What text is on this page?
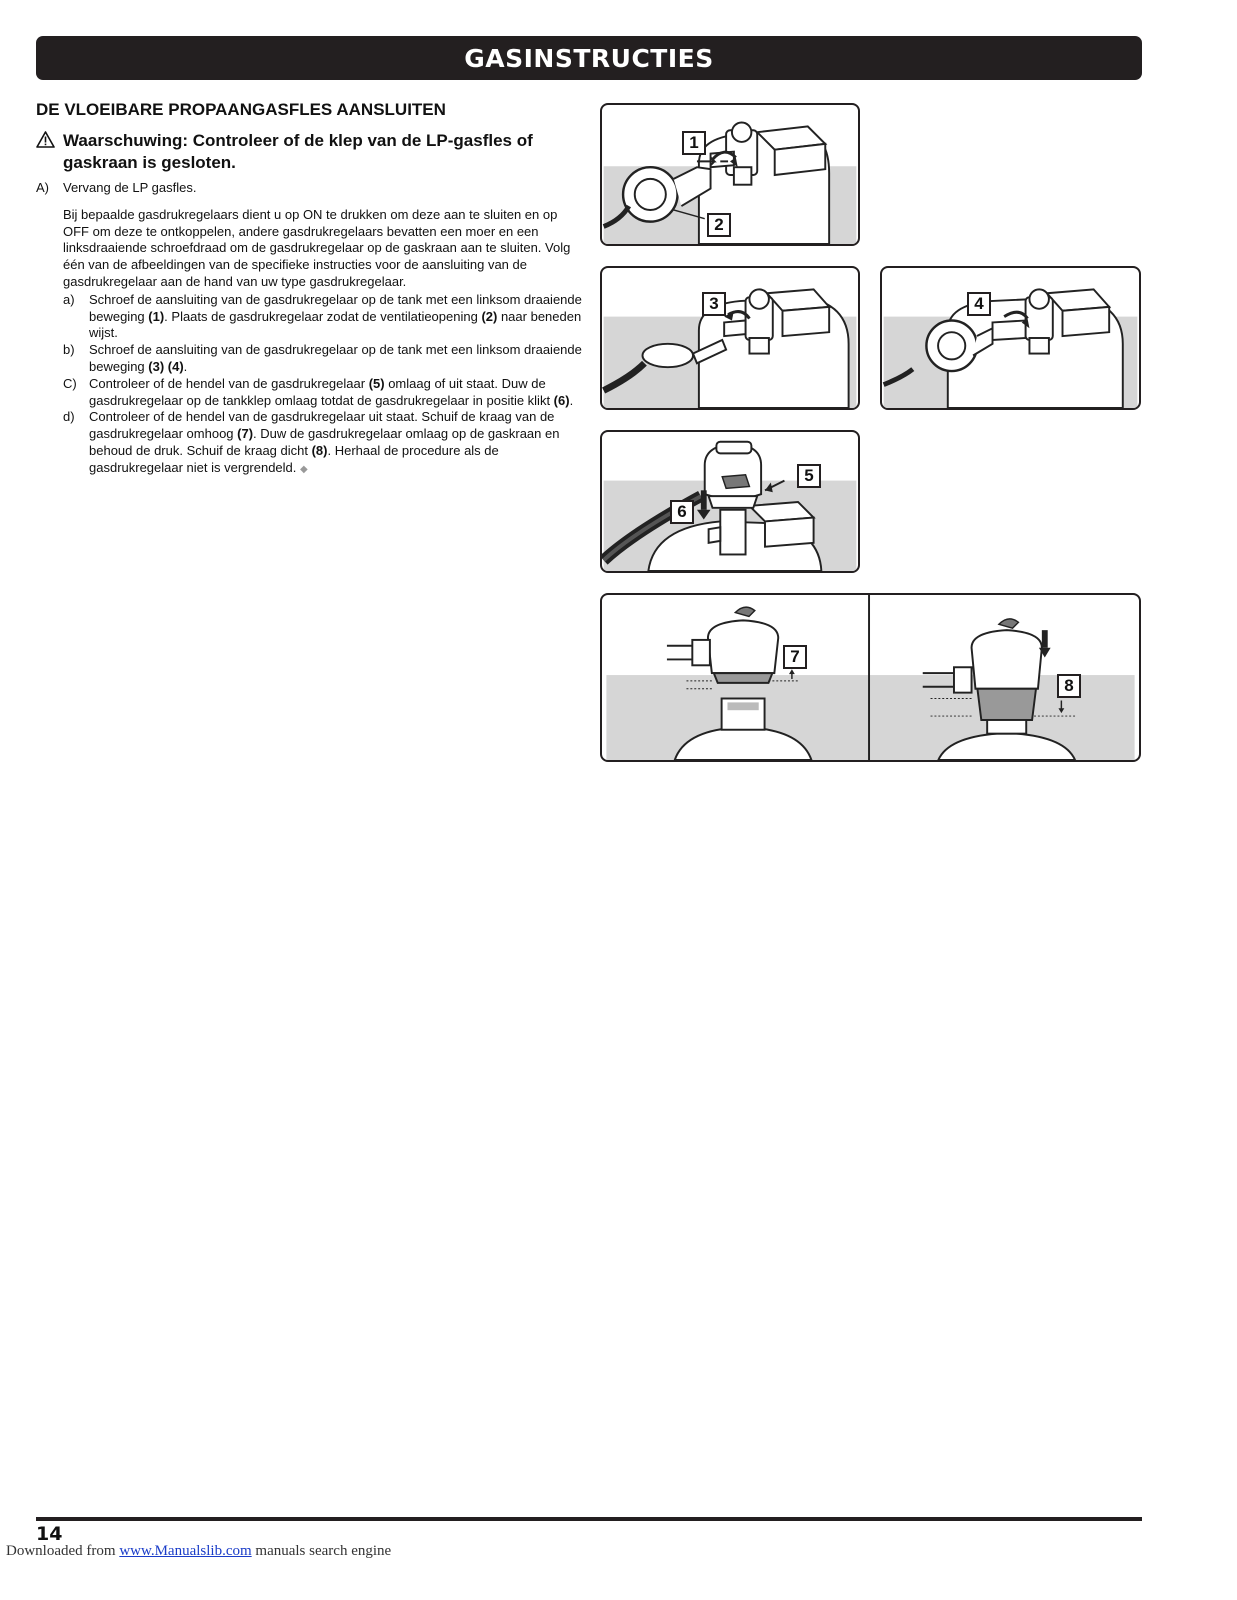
GASINSTRUCTIES
DE VLOEIBARE PROPAANGASFLES AANSLUITEN
Waarschuwing: Controleer of de klep van de LP-gasfles of gaskraan is gesloten.
A)	Vervang de LP gasfles.
Bij bepaalde gasdrukregelaars dient u op ON te drukken om deze aan te sluiten en op OFF om deze te ontkoppelen, andere gasdrukregelaars bevatten een moer en een linksdraaiende schroefdraad om de gasdrukregelaar op de gaskraan aan te sluiten. Volg één van de afbeeldingen van de specifieke instructies voor de aansluiting van de gasdrukregelaar aan de hand van uw type gasdrukregelaar.
a)	Schroef de aansluiting van de gasdrukregelaar op de tank met een linksom draaiende beweging (1). Plaats de gasdrukregelaar zodat de ventilatieopening (2) naar beneden wijst.
b)	Schroef de aansluiting van de gasdrukregelaar op de tank met een linksom draaiende beweging (3) (4).
C) Controleer of de hendel van de gasdrukregelaar (5) omlaag of uit staat. Duw de gasdrukregelaar op de tankklep omlaag totdat de gasdrukregelaar in positie klikt (6).
d)	Controleer of de hendel van de gasdrukregelaar uit staat. Schuif de kraag van de gasdrukregelaar omhoog (7). Duw de gasdrukregelaar omlaag op de gaskraan en behoud de druk. Schuif de kraag dicht (8). Herhaal de procedure als de gasdrukregelaar niet is vergrendeld. ◆
1
2
3	4
5
6
7
8
14
Downloaded from www.Manualslib.com manuals search engine
